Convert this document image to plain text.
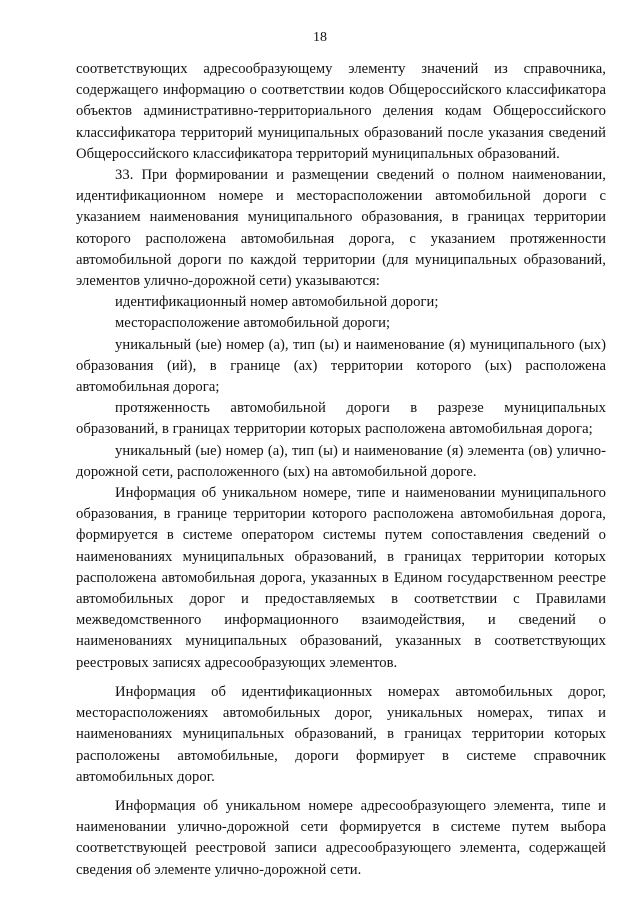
18

соответствующих адресообразующему элементу значений из справочника, содержащего информацию о соответствии кодов Общероссийского классификатора объектов административно-территориального деления кодам Общероссийского классификатора территорий муниципальных образований после указания сведений Общероссийского классификатора территорий муниципальных образований.

33. При формировании и размещении сведений о полном наименовании, идентификационном номере и месторасположении автомобильной дороги с указанием наименования муниципального образования, в границах территории которого расположена автомобильная дорога, с указанием протяженности автомобильной дороги по каждой территории (для муниципальных образований, элементов улично-дорожной сети) указываются:

идентификационный номер автомобильной дороги;

месторасположение автомобильной дороги;

уникальный (ые) номер (а), тип (ы) и наименование (я) муниципального (ых) образования (ий), в границе (ах) территории которого (ых) расположена автомобильная дорога;

протяженность автомобильной дороги в разрезе муниципальных образований, в границах территории которых расположена автомобильная дорога;

уникальный (ые) номер (а), тип (ы) и наименование (я) элемента (ов) улично-дорожной сети, расположенного (ых) на автомобильной дороге.

Информация об уникальном номере, типе и наименовании муниципального образования, в границе территории которого расположена автомобильная дорога, формируется в системе оператором системы путем сопоставления сведений о наименованиях муниципальных образований, в границах территории которых расположена автомобильная дорога, указанных в Едином государственном реестре автомобильных дорог и предоставляемых в соответствии с Правилами межведомственного информационного взаимодействия, и сведений о наименованиях муниципальных образований, указанных в соответствующих реестровых записях адресообразующих элементов.

Информация об идентификационных номерах автомобильных дорог, месторасположениях автомобильных дорог, уникальных номерах, типах и наименованиях муниципальных образований, в границах территории которых расположены автомобильные, дороги формирует в системе справочник автомобильных дорог.

Информация об уникальном номере адресообразующего элемента, типе и наименовании улично-дорожной сети формируется в системе путем выбора соответствующей реестровой записи адресообразующего элемента, содержащей сведения об элементе улично-дорожной сети.
